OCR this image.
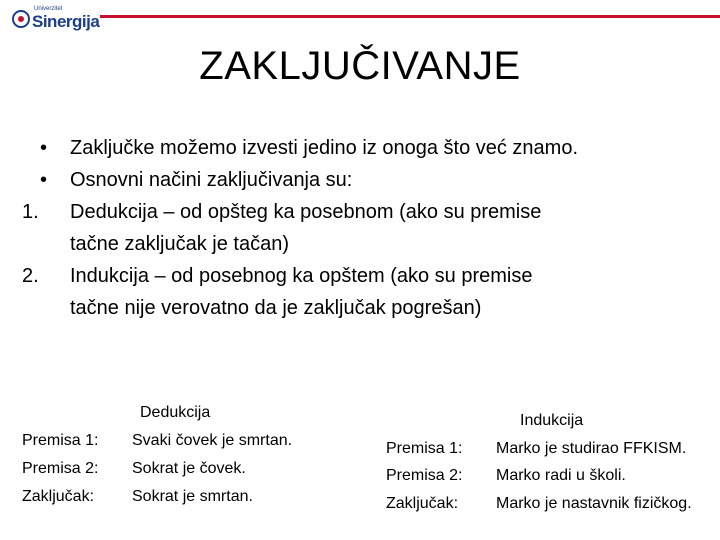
Univerzitet
Sinergija
ZAKLJUČIVANJE
•	Zaključke možemo izvesti jedino iz onoga što već znamo.
•	Osnovni načini zaključivanja su:
1.	Dedukcija – od opšteg ka posebnom (ako su premise
tačne zaključak je tačan)
2.	Indukcija – od posebnog ka opštem (ako su premise
tačne nije verovatno da je zaključak pogrešan)
Dedukcija
Premisa 1: Svaki čovek je smrtan.
Premisa 2: Sokrat je čovek.
Zaključak: Sokrat je smrtan.
Indukcija
Premisa 1: Marko je studirao FFKISM.
Premisa 2: Marko radi u školi.
Zaključak: Marko je nastavnik fizičkog.
